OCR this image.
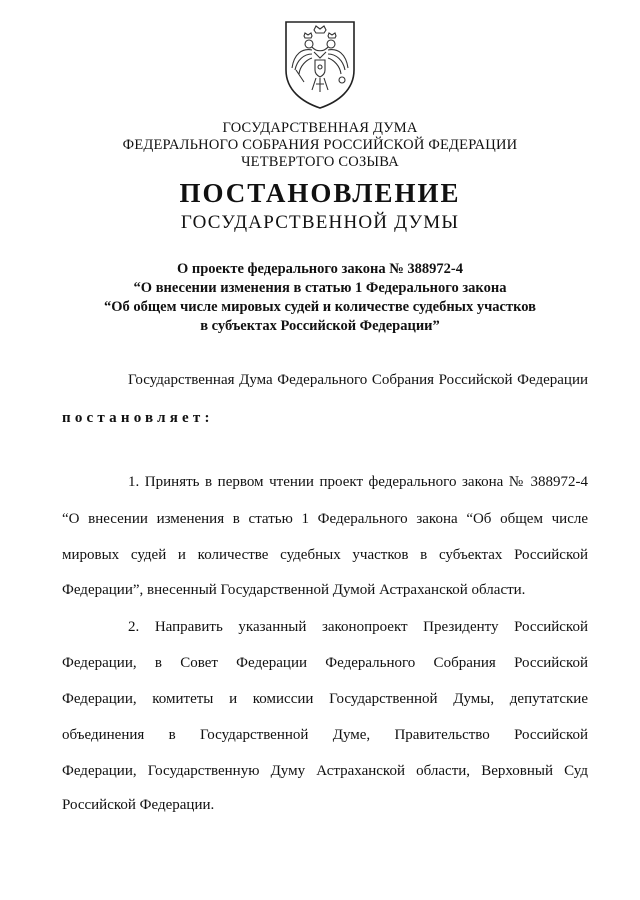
ГОСУДАРСТВЕННАЯ ДУМА
ФЕДЕРАЛЬНОГО СОБРАНИЯ РОССИЙСКОЙ ФЕДЕРАЦИИ
ЧЕТВЕРТОГО СОЗЫВА
ПОСТАНОВЛЕНИЕ
ГОСУДАРСТВЕННОЙ ДУМЫ
О проекте федерального закона № 388972-4
“О внесении изменения в статью 1 Федерального закона
“Об общем числе мировых судей и количестве судебных участков
в субъектах Российской Федерации”
Государственная Дума Федерального Собрания Российской Федерации
постановляет:
1. Принять в первом чтении проект федерального закона № 388972-4
“О внесении изменения в статью 1 Федерального закона “Об общем числе
мировых судей и количестве судебных участков в субъектах Российской
Федерации”, внесенный Государственной Думой Астраханской области.
2. Направить указанный законопроект Президенту Российской
Федерации, в Совет Федерации Федерального Собрания Российской
Федерации, комитеты и комиссии Государственной Думы, депутатские
объединения в Государственной Думе, Правительство Российской
Федерации, Государственную Думу Астраханской области, Верховный Суд
Российской Федерации.
